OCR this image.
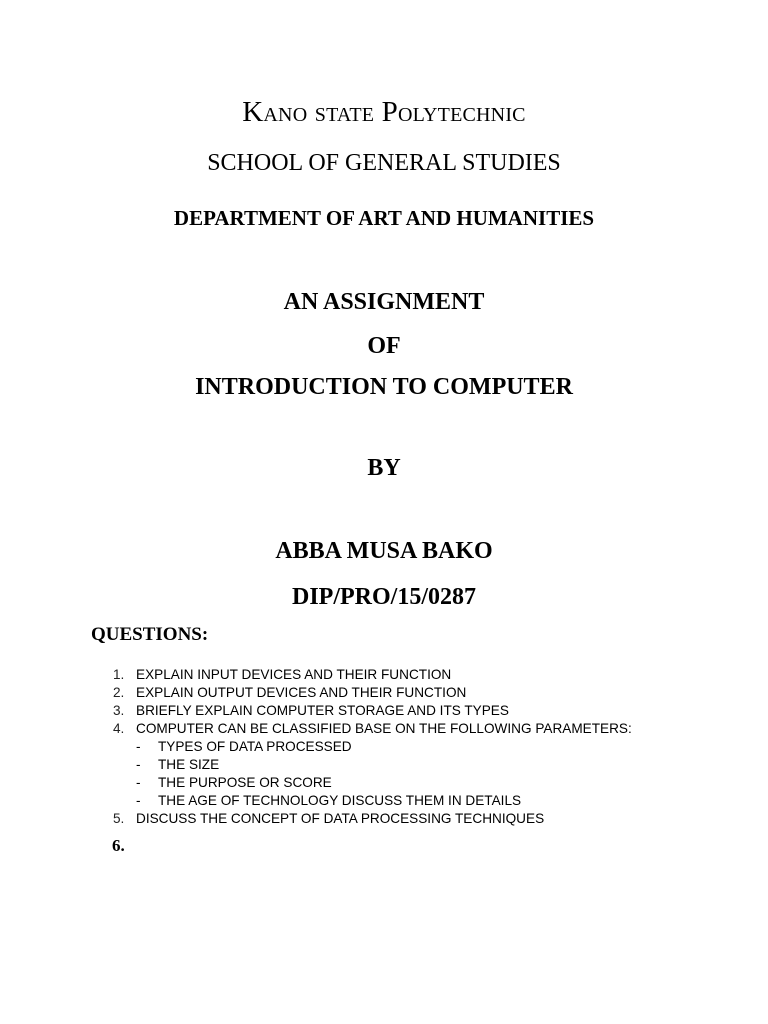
Kano state Polytechnic
SCHOOL OF GENERAL STUDIES
DEPARTMENT OF ART AND HUMANITIES
AN ASSIGNMENT
OF
INTRODUCTION TO COMPUTER
BY
ABBA MUSA BAKO
DIP/PRO/15/0287
QUESTIONS:
1. EXPLAIN INPUT DEVICES AND THEIR FUNCTION
2. EXPLAIN OUTPUT DEVICES AND THEIR FUNCTION
3. BRIEFLY EXPLAIN COMPUTER STORAGE AND ITS TYPES
4. COMPUTER CAN BE CLASSIFIED BASE ON THE FOLLOWING PARAMETERS:
- TYPES OF DATA PROCESSED
- THE SIZE
- THE PURPOSE OR SCORE
- THE AGE OF TECHNOLOGY DISCUSS THEM IN DETAILS
5. DISCUSS THE CONCEPT OF DATA PROCESSING TECHNIQUES
6.
